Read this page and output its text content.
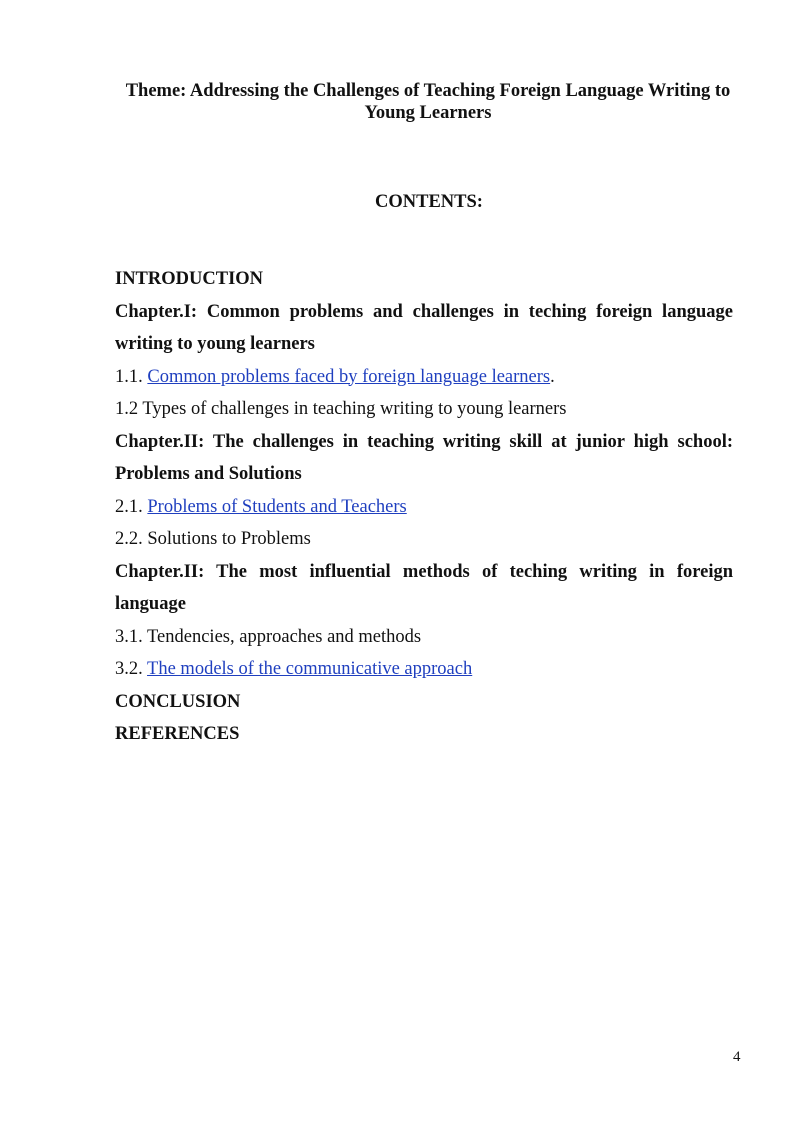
Theme: Addressing the Challenges of Teaching Foreign Language Writing to
Young Learners
CONTENTS:
INTRODUCTION
Chapter.I: Common problems and challenges in teching foreign language
writing to young learners
1.1. Common problems faced by foreign language learners.
1.2 Types of challenges in teaching writing to young learners
Chapter.II: The challenges in teaching writing skill at junior high school:
Problems and Solutions
2.1. Problems of Students and Teachers
2.2. Solutions to Problems
Chapter.II: The most influential methods of teching writing in foreign
language
3.1. Tendencies, approaches and methods
3.2. The models of the communicative approach
CONCLUSION
REFERENCES
4
